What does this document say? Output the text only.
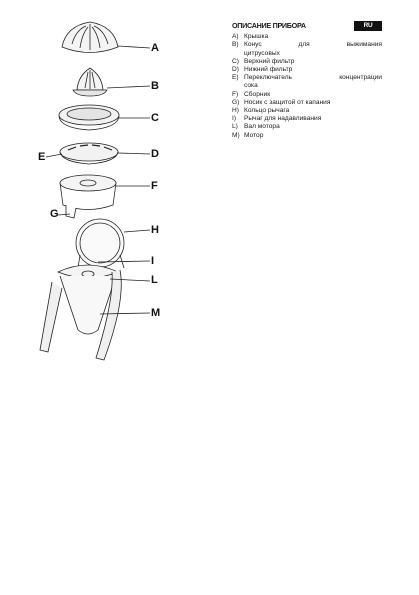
A
B
C
D
E
F
G
H
I
L
M
ОПИСАНИЕ ПРИБОРА	RU
A) Крышка
B) Конус для выжимания
цитрусовых
C) Верхний фильтр
D) Нижний фильтр
E) Переключатель концентрации
сока
F) Сборник
G) Носик с защитой от капания
H) Кольцо рычага
I)	Рычаг для надавливания
L) Вал мотора
M) Мотор
